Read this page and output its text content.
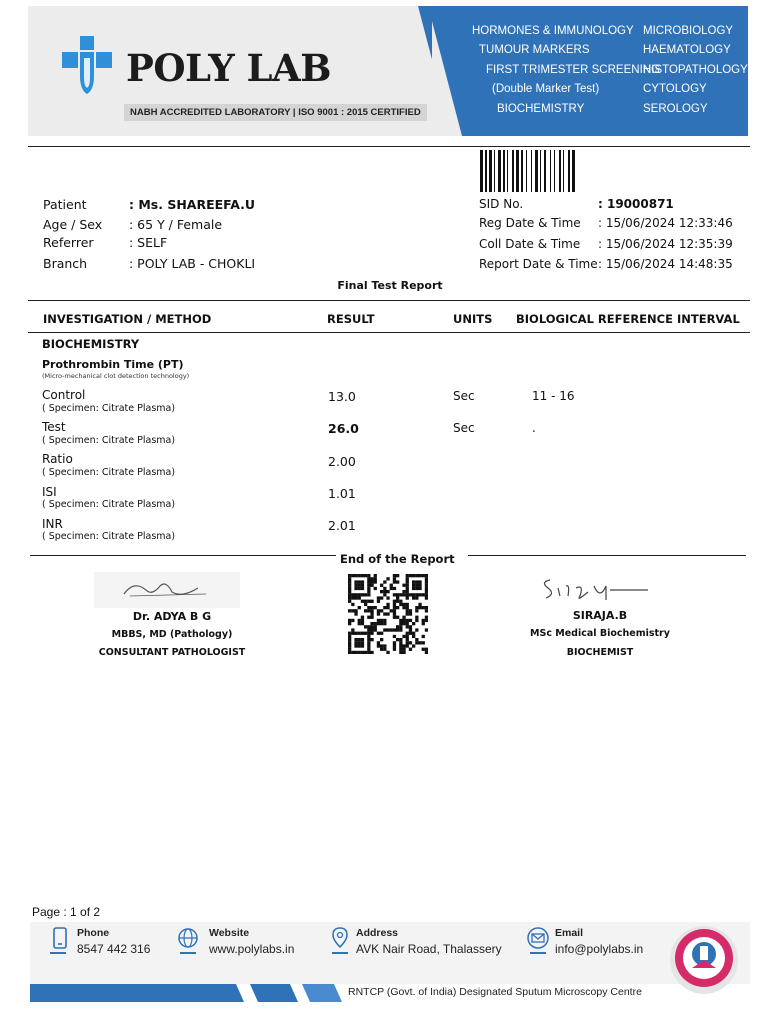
POLY LAB
NABH ACCREDITED LABORATORY | ISO 9001 : 2015 CERTIFIED
HORMONES & IMMUNOLOGY
TUMOUR MARKERS
FIRST TRIMESTER SCREENING
(Double Marker Test)
BIOCHEMISTRY
MICROBIOLOGY
HAEMATOLOGY
HISTOPATHOLOGY
CYTOLOGY
SEROLOGY
Patient	: Ms. SHAREEFA.U
Age / Sex : 65 Y / Female
Referrer	: SELF
Branch	: POLY LAB - CHOKLI
SID No.	: 19000871
Reg Date & Time : 15/06/2024 12:33:46
Coll Date & Time : 15/06/2024 12:35:39
Report Date & Time : 15/06/2024 14:48:35
Final Test Report
INVESTIGATION / METHOD	RESULT	UNITS BIOLOGICAL REFERENCE INTERVAL
BIOCHEMISTRY
Prothrombin Time (PT)
(Micro-mechanical clot detection technology)
Control
( Specimen: Citrate Plasma)
13.0	Sec	11 - 16
Test
( Specimen: Citrate Plasma)
26.0	Sec	.
Ratio
( Specimen: Citrate Plasma)
2.00
ISI
( Specimen: Citrate Plasma)
1.01
INR
( Specimen: Citrate Plasma)
2.01
End of the Report
Dr. ADYA B G
MBBS, MD (Pathology)
CONSULTANT PATHOLOGIST
SIRAJA.B
MSc Medical Biochemistry
BIOCHEMIST
Page : 1 of 2
Phone
8547 442 316
Website
www.polylabs.in
Address
AVK Nair Road, Thalassery
Email
info@polylabs.in
RNTCP (Govt. of India) Designated Sputum Microscopy Centre
NABH
